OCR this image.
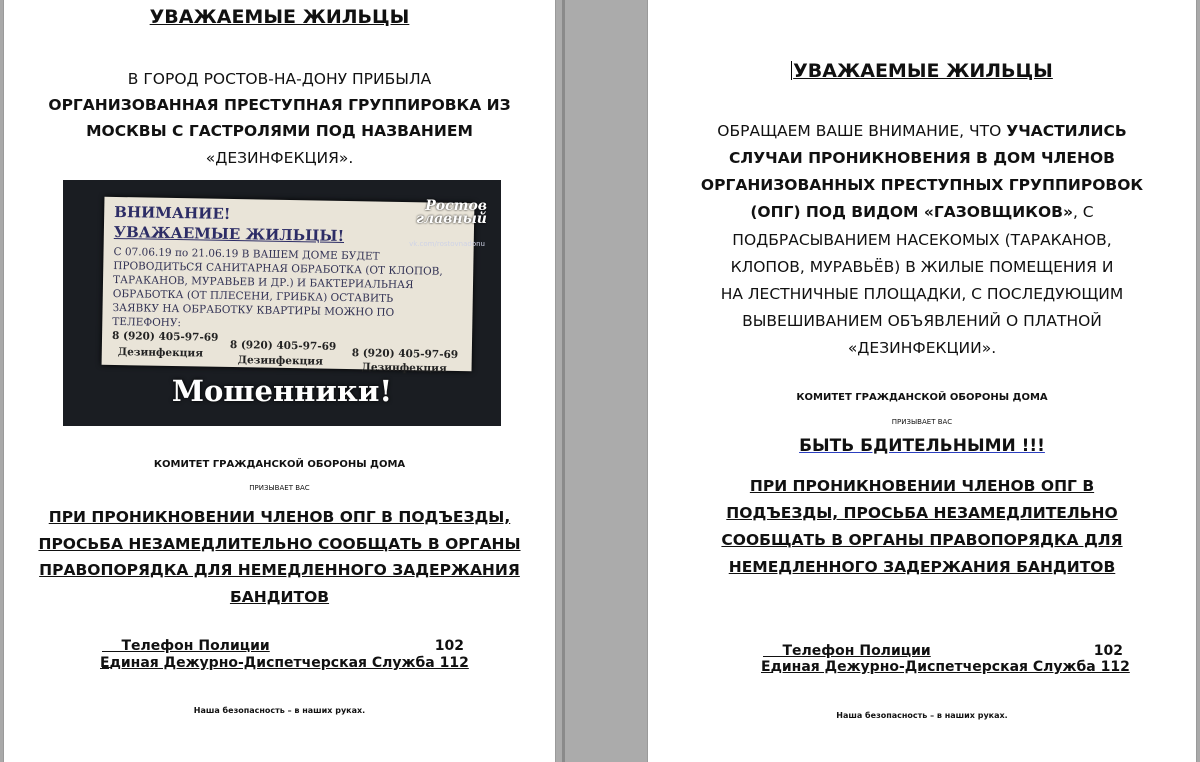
УВАЖАЕМЫЕ ЖИЛЬЦЫ
В ГОРОД РОСТОВ-НА-ДОНУ ПРИБЫЛА
ОРГАНИЗОВАННАЯ ПРЕСТУПНАЯ ГРУППИРОВКА ИЗ
МОСКВЫ С ГАСТРОЛЯМИ ПОД НАЗВАНИЕМ
«ДЕЗИНФЕКЦИЯ».
ВНИМАНИЕ!
УВАЖАЕМЫЕ ЖИЛЬЦЫ!
С 07.06.19 по 21.06.19 В ВАШЕМ ДОМЕ БУДЕТ
ПРОВОДИТЬСЯ САНИТАРНАЯ ОБРАБОТКА (ОТ КЛОПОВ,
ТАРАКАНОВ, МУРАВЬЕВ И ДР.) И БАКТЕРИАЛЬНАЯ
ОБРАБОТКА (ОТ ПЛЕСЕНИ, ГРИБКА) ОСТАВИТЬ
ЗАЯВКУ НА ОБРАБОТКУ КВАРТИРЫ МОЖНО ПО
ТЕЛЕФОНУ:
8 (920) 405-97-69
Дезинфекция	8 (920) 405-97-69
Дезинфекция	8 (920) 405-97-69
Дезинфекция
Ростов
главный
vk.com/rostovnadonu
Мошенники!
КОМИТЕТ ГРАЖДАНСКОЙ ОБОРОНЫ ДОМА
ПРИЗЫВАЕТ ВАС
ПРИ ПРОНИКНОВЕНИИ ЧЛЕНОВ ОПГ В ПОДЪЕЗДЫ,
ПРОСЬБА НЕЗАМЕДЛИТЕЛЬНО СООБЩАТЬ В ОРГАНЫ
ПРАВОПОРЯДКА ДЛЯ НЕМЕДЛЕННОГО ЗАДЕРЖАНИЯ
БАНДИТОВ

Телефон Полиции	102

Единая Дежурно-Диспетчерская Служба 112
Наша безопасность – в наших руках.
УВАЖАЕМЫЕ ЖИЛЬЦЫ
ОБРАЩАЕМ ВАШЕ ВНИМАНИЕ, ЧТО УЧАСТИЛИСЬ
СЛУЧАИ ПРОНИКНОВЕНИЯ В ДОМ ЧЛЕНОВ
ОРГАНИЗОВАННЫХ ПРЕСТУПНЫХ ГРУППИРОВОК
(ОПГ) ПОД ВИДОМ «ГАЗОВЩИКОВ», С
ПОДБРАСЫВАНИЕМ НАСЕКОМЫХ (ТАРАКАНОВ,
КЛОПОВ, МУРАВЬЁВ) В ЖИЛЫЕ ПОМЕЩЕНИЯ И
НА ЛЕСТНИЧНЫЕ ПЛОЩАДКИ, С ПОСЛЕДУЮЩИМ
ВЫВЕШИВАНИЕМ ОБЪЯВЛЕНИЙ О ПЛАТНОЙ
«ДЕЗИНФЕКЦИИ».
КОМИТЕТ ГРАЖДАНСКОЙ ОБОРОНЫ ДОМА
ПРИЗЫВАЕТ ВАС
БЫТЬ БДИТЕЛЬНЫМИ !!!
ПРИ ПРОНИКНОВЕНИИ ЧЛЕНОВ ОПГ В
ПОДЪЕЗДЫ, ПРОСЬБА НЕЗАМЕДЛИТЕЛЬНО
СООБЩАТЬ В ОРГАНЫ ПРАВОПОРЯДКА ДЛЯ
НЕМЕДЛЕННОГО ЗАДЕРЖАНИЯ БАНДИТОВ

Телефон Полиции	102

Единая Дежурно-Диспетчерская Служба 112
Наша безопасность – в наших руках.
